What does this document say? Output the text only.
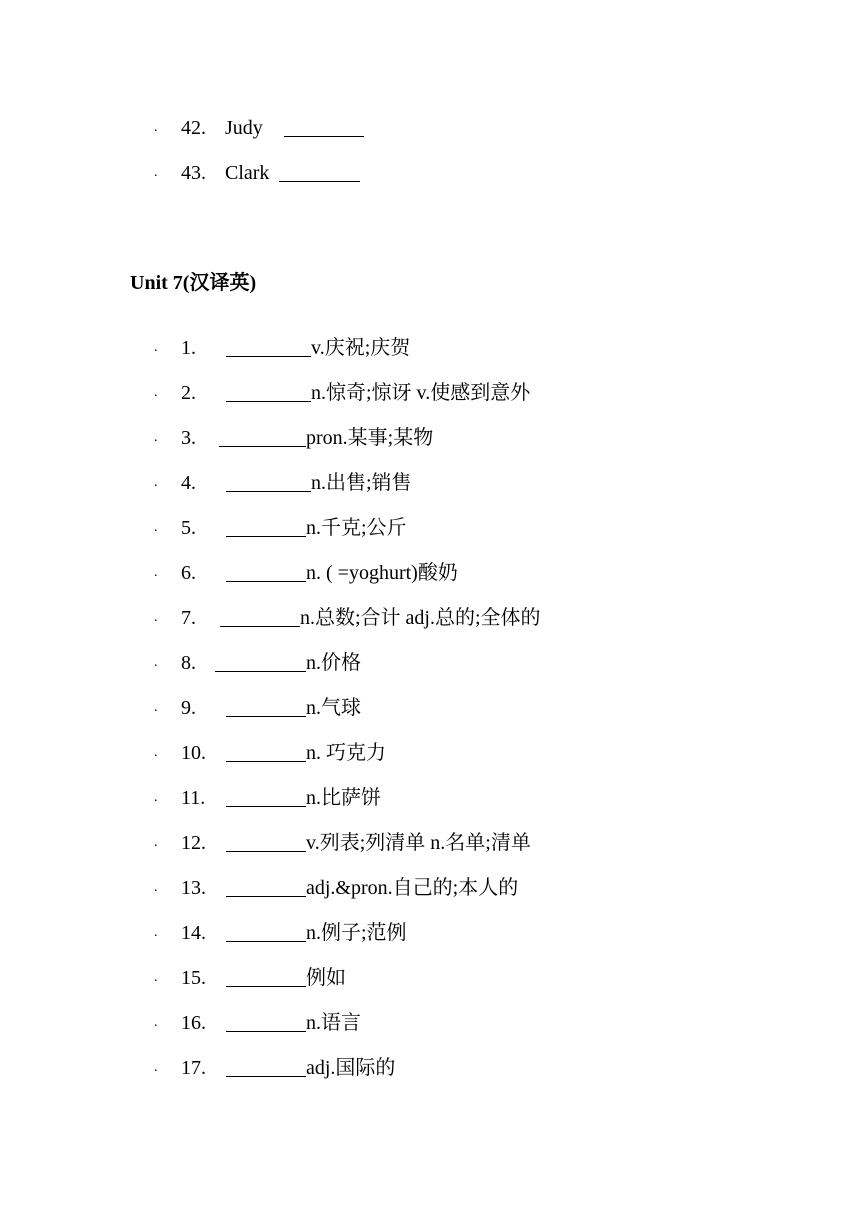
. 42. Judy
. 43. Clark
Unit 7(汉译英)
. 1.	v.庆祝;庆贺
. 2.	n.惊奇;惊讶 v.使感到意外
. 3.	pron.某事;某物
. 4.	n.出售;销售
. 5.	n.千克;公斤
. 6.	n. ( =yoghurt)酸奶
. 7.	n.总数;合计 adj.总的;全体的
. 8.	n.价格
. 9.	n.气球
. 10.	n. 巧克力
. 11.	n.比萨饼
. 12.	v.列表;列清单 n.名单;清单
. 13.	adj.&pron.自己的;本人的
. 14.	n.例子;范例
. 15.	例如
. 16.	n.语言
. 17.	adj.国际的
